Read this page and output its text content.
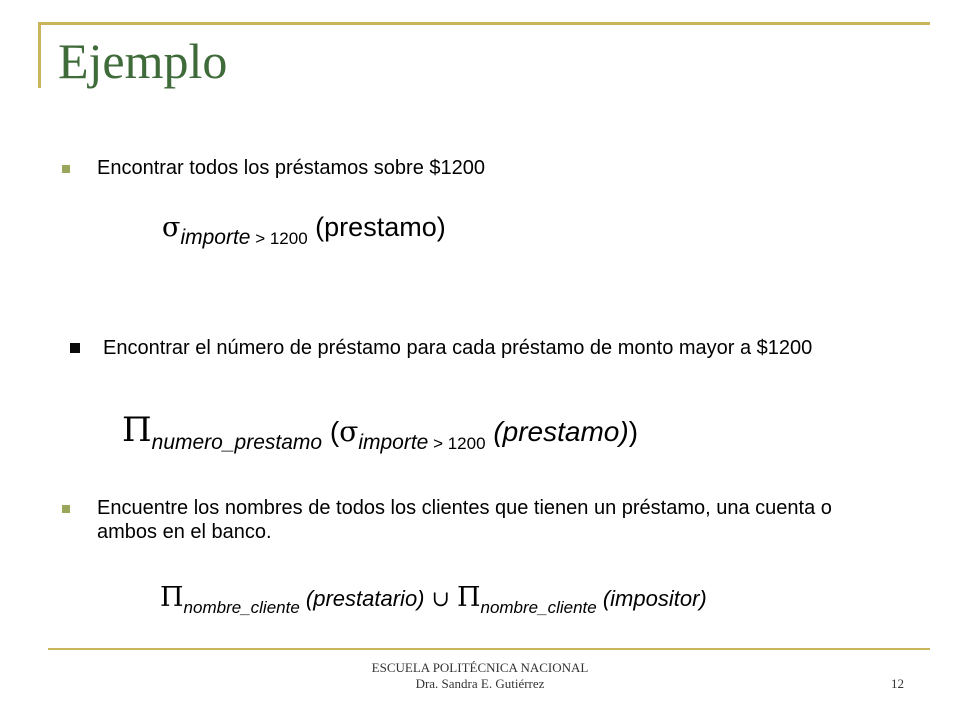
Ejemplo
Encontrar todos los préstamos sobre $1200
$\sigma_{importe}$ $_{> 1200}$ (prestamo)
Encontrar el número de préstamo para cada préstamo de monto mayor a $1200
$\Pi_{numero\_prestamo}$ ($\sigma_{importe}$ $_{> 1200}$ (prestamo))
Encuentre los nombres de todos los clientes que tienen un préstamo, una cuenta o ambos en el banco.
$\Pi_{nombre\_cliente}$ (prestatario) ∪ $\Pi_{nombre\_cliente}$ (impositor)
ESCUELA POLITÉCNICA NACIONAL
Dra. Sandra E. Gutiérrez	12
